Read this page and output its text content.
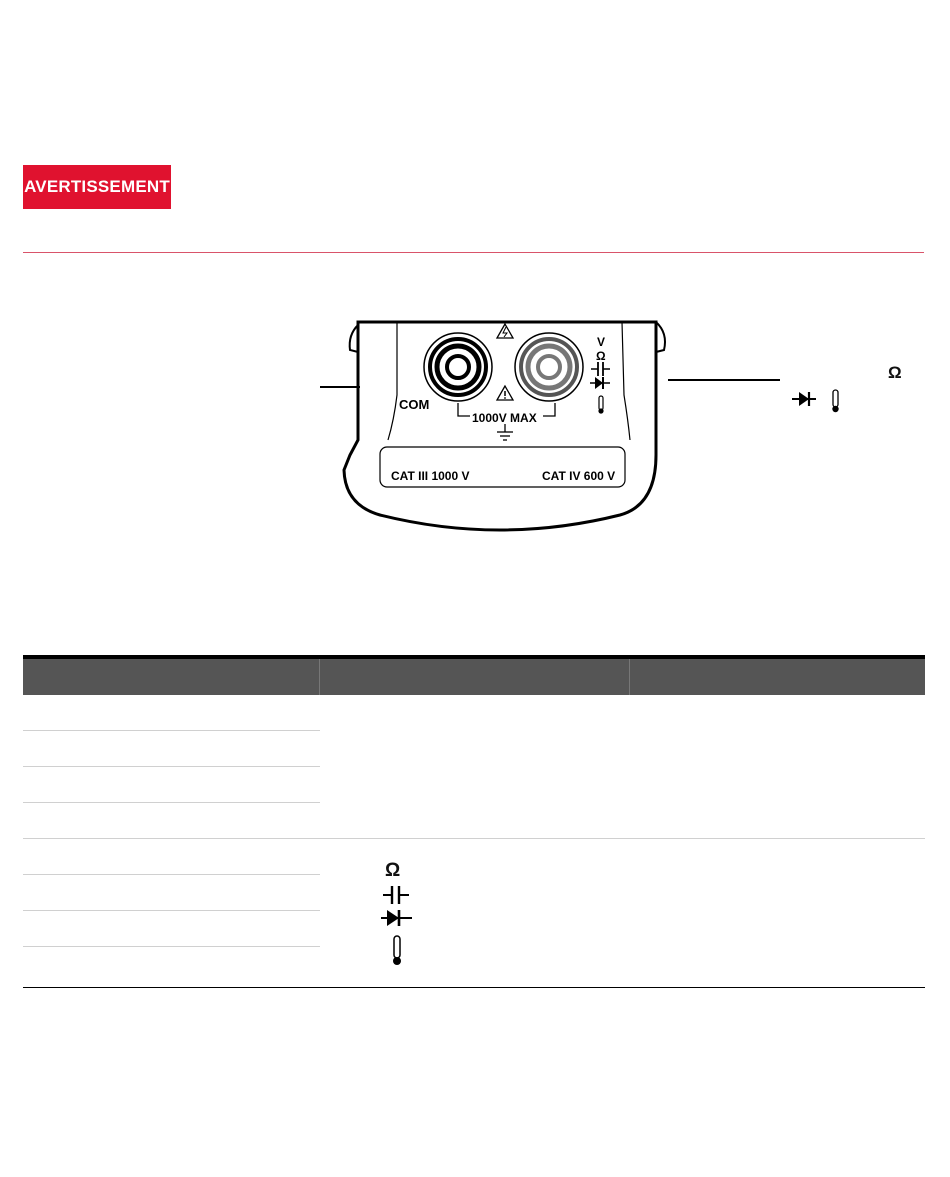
AVERTISSEMENT
COM
1000V MAX
CAT III 1000 V	CAT IV 600 V
V
Ω
Ω

Ω
